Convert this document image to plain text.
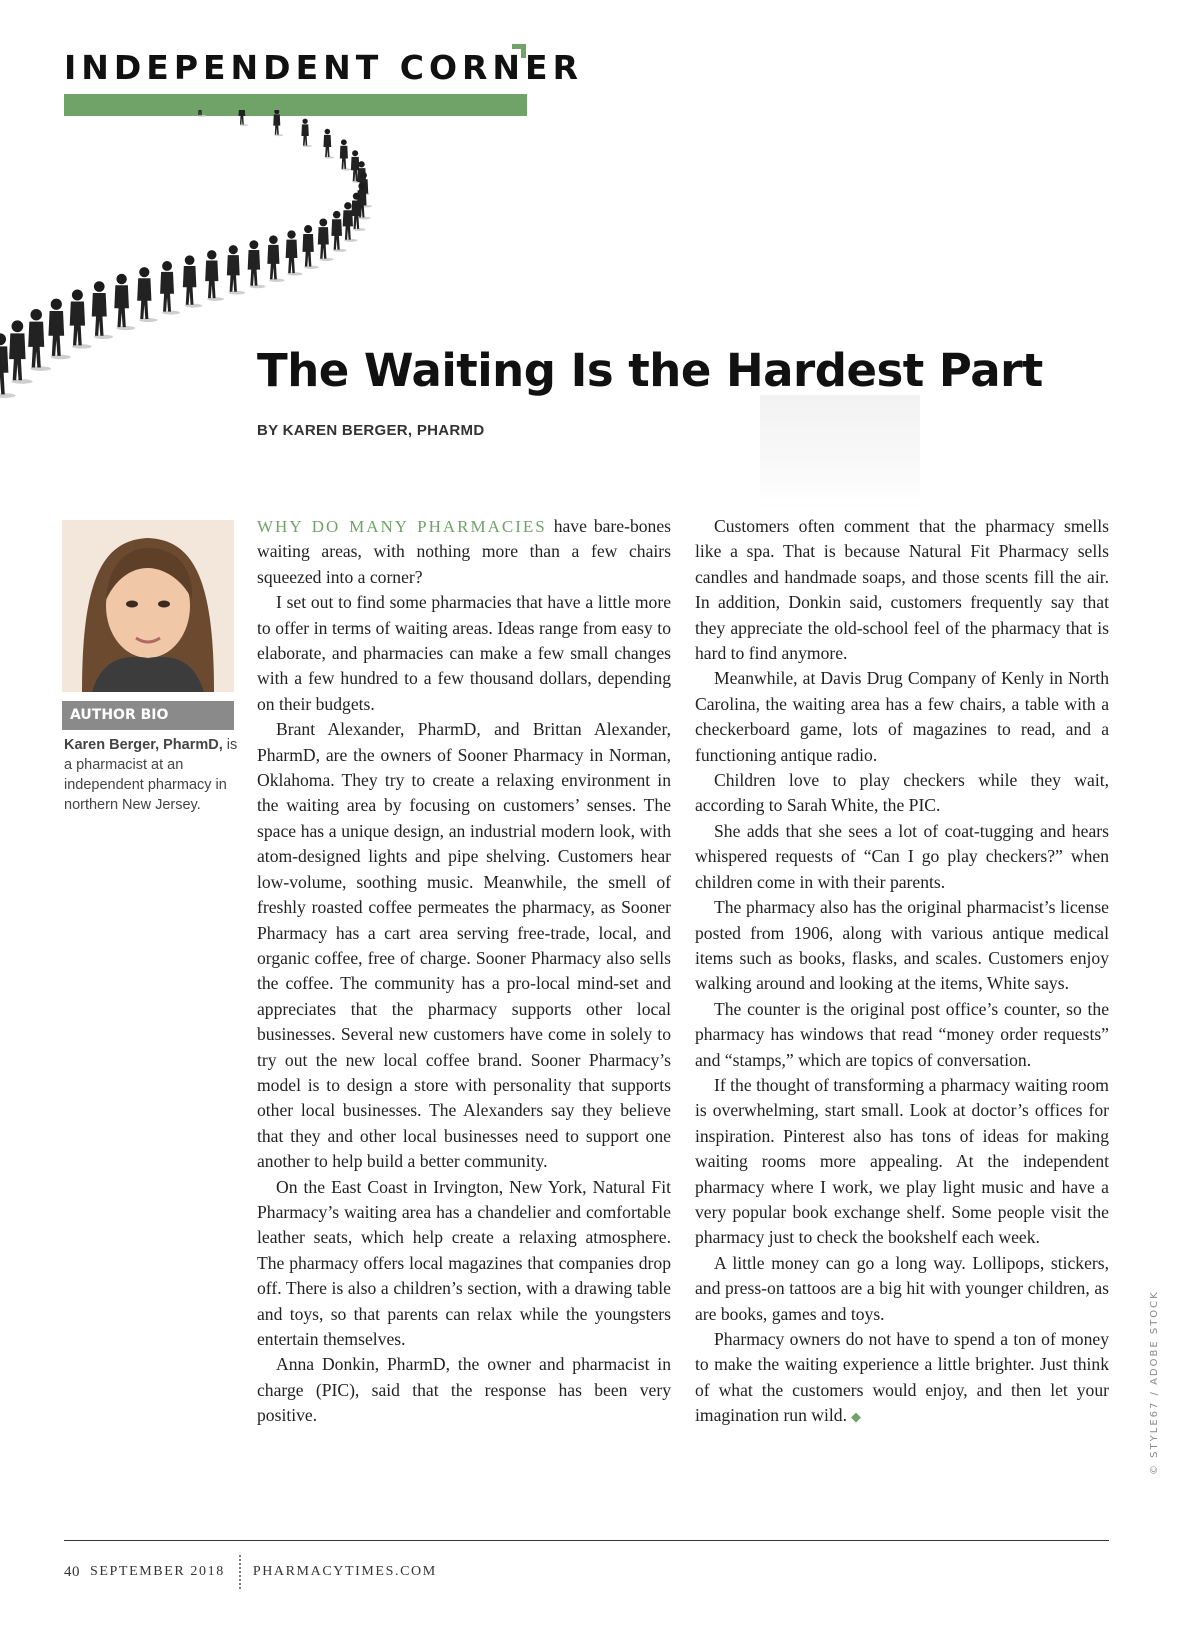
INDEPENDENT CORNER
The Waiting Is the Hardest Part
BY KAREN BERGER, PHARMD
AUTHOR BIO
Karen Berger, PharmD, is a pharmacist at an independent pharmacy in northern New Jersey.

WHY DO MANY PHARMACIES have bare-bones waiting areas, with nothing more than a few chairs squeezed into a corner?

I set out to find some pharmacies that have a little more to offer in terms of waiting areas. Ideas range from easy to elaborate, and pharmacies can make a few small changes with a few hundred to a few thousand dollars, depending on their budgets.

Brant Alexander, PharmD, and Brittan Alexander, PharmD, are the owners of Sooner Pharmacy in Norman, Oklahoma. They try to create a relaxing environment in the waiting area by focusing on customers’ senses. The space has a unique design, an industrial modern look, with atom-designed lights and pipe shelving. Customers hear low-volume, soothing music. Meanwhile, the smell of freshly roasted coffee permeates the pharmacy, as Sooner Pharmacy has a cart area serving free-trade, local, and organic coffee, free of charge. Sooner Pharmacy also sells the coffee. The community has a pro-local mind-set and appreciates that the pharmacy supports other local businesses. Several new customers have come in solely to try out the new local coffee brand. Sooner Pharmacy’s model is to design a store with personality that supports other local businesses. The Alexanders say they believe that they and other local businesses need to support one another to help build a better community.

On the East Coast in Irvington, New York, Natural Fit Pharmacy’s waiting area has a chandelier and comfortable leather seats, which help create a relaxing atmosphere. The pharmacy offers local magazines that companies drop off. There is also a children’s section, with a drawing table and toys, so that parents can relax while the youngsters entertain themselves.

Anna Donkin, PharmD, the owner and pharmacist in charge (PIC), said that the response has been very positive.

Customers often comment that the pharmacy smells like a spa. That is because Natural Fit Pharmacy sells candles and handmade soaps, and those scents fill the air. In addition, Donkin said, customers frequently say that they appreciate the old-school feel of the pharmacy that is hard to find anymore.

Meanwhile, at Davis Drug Company of Kenly in North Carolina, the waiting area has a few chairs, a table with a checkerboard game, lots of magazines to read, and a functioning antique radio.

Children love to play checkers while they wait, according to Sarah White, the PIC.

She adds that she sees a lot of coat-tugging and hears whispered requests of “Can I go play checkers?” when children come in with their parents.

The pharmacy also has the original pharmacist’s license posted from 1906, along with various antique medical items such as books, flasks, and scales. Customers enjoy walking around and looking at the items, White says.

The counter is the original post office’s counter, so the pharmacy has windows that read “money order requests” and “stamps,” which are topics of conversation.

If the thought of transforming a pharmacy waiting room is overwhelming, start small. Look at doctor’s offices for inspiration. Pinterest also has tons of ideas for making waiting rooms more appealing. At the independent pharmacy where I work, we play light music and have a very popular book exchange shelf. Some people visit the pharmacy just to check the bookshelf each week.

A little money can go a long way. Lollipops, stickers, and press-on tattoos are a big hit with younger children, as are books, games and toys.

Pharmacy owners do not have to spend a ton of money to make the waiting experience a little brighter. Just think of what the customers would enjoy, and then let your imagination run wild. ◆	© STYLE67 / ADOBE STOCK
40 SEPTEMBER 2018 PHARMACYTIMES.COM
